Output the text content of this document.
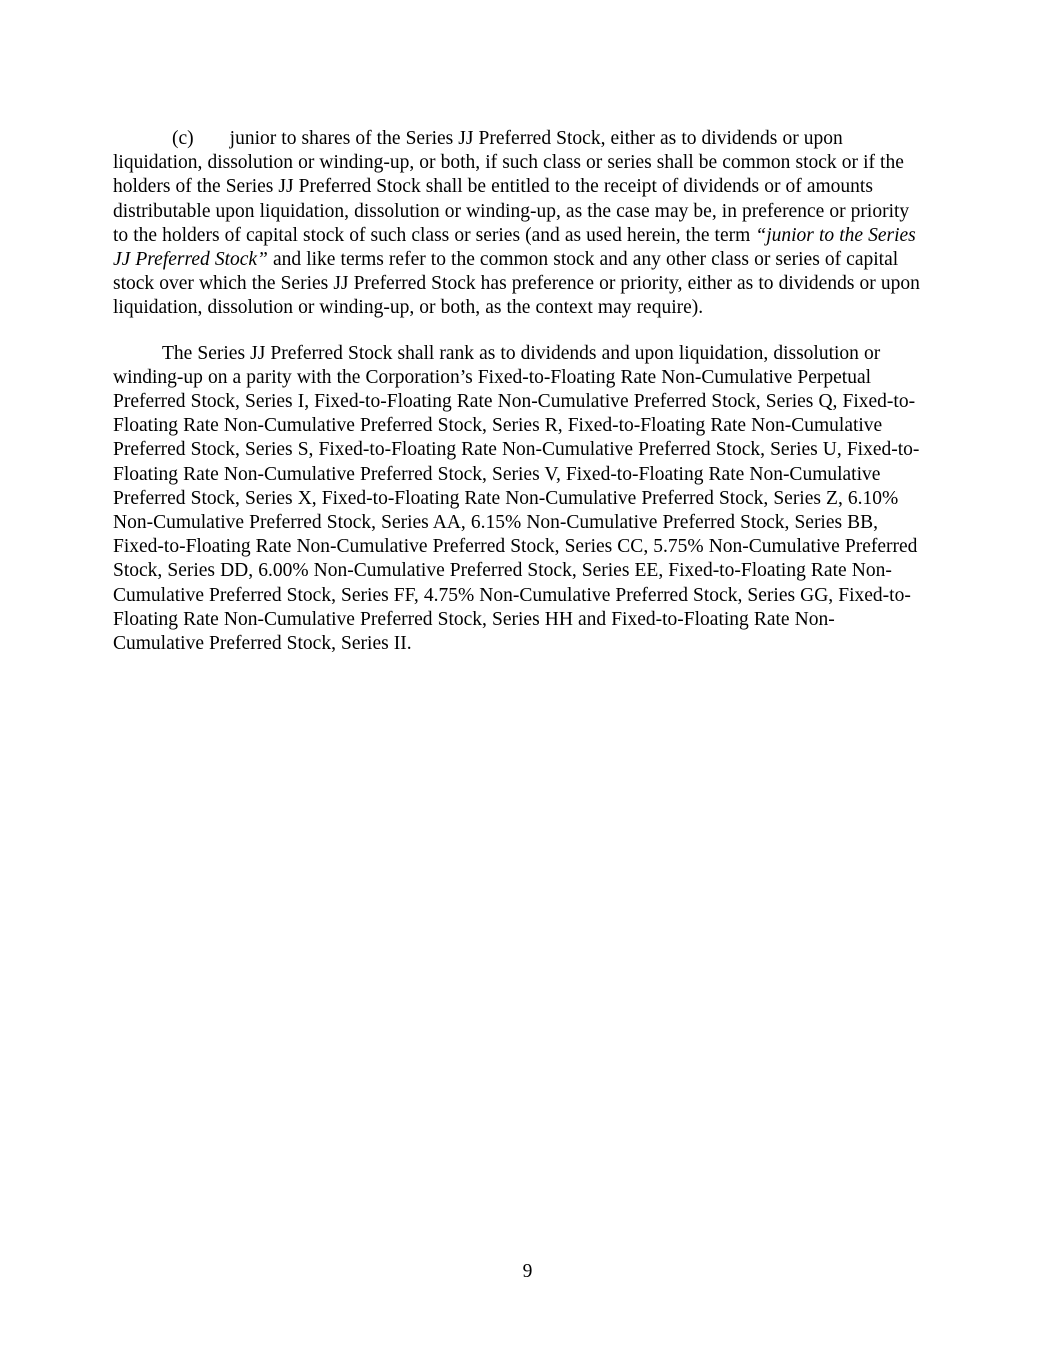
(c) junior to shares of the Series JJ Preferred Stock, either as to dividends or upon liquidation, dissolution or winding-up, or both, if such class or series shall be common stock or if the holders of the Series JJ Preferred Stock shall be entitled to the receipt of dividends or of amounts distributable upon liquidation, dissolution or winding-up, as the case may be, in preference or priority to the holders of capital stock of such class or series (and as used herein, the term “junior to the Series JJ Preferred Stock” and like terms refer to the common stock and any other class or series of capital stock over which the Series JJ Preferred Stock has preference or priority, either as to dividends or upon liquidation, dissolution or winding-up, or both, as the context may require).

The Series JJ Preferred Stock shall rank as to dividends and upon liquidation, dissolution or winding-up on a parity with the Corporation’s Fixed-to-Floating Rate Non-Cumulative Perpetual Preferred Stock, Series I, Fixed-to-Floating Rate Non-Cumulative Preferred Stock, Series Q, Fixed-to-Floating Rate Non-Cumulative Preferred Stock, Series R, Fixed-to-Floating Rate Non-Cumulative Preferred Stock, Series S, Fixed-to-Floating Rate Non-Cumulative Preferred Stock, Series U, Fixed-to-Floating Rate Non-Cumulative Preferred Stock, Series V, Fixed-to-Floating Rate Non-Cumulative Preferred Stock, Series X, Fixed-to-Floating Rate Non-Cumulative Preferred Stock, Series Z, 6.10% Non-Cumulative Preferred Stock, Series AA, 6.15% Non-Cumulative Preferred Stock, Series BB, Fixed-to-Floating Rate Non-Cumulative Preferred Stock, Series CC, 5.75% Non-Cumulative Preferred Stock, Series DD, 6.00% Non-Cumulative Preferred Stock, Series EE, Fixed-to-Floating Rate Non-Cumulative Preferred Stock, Series FF, 4.75% Non-Cumulative Preferred Stock, Series GG, Fixed-to-Floating Rate Non-Cumulative Preferred Stock, Series HH and Fixed-to-Floating Rate Non-Cumulative Preferred Stock, Series II.

9
